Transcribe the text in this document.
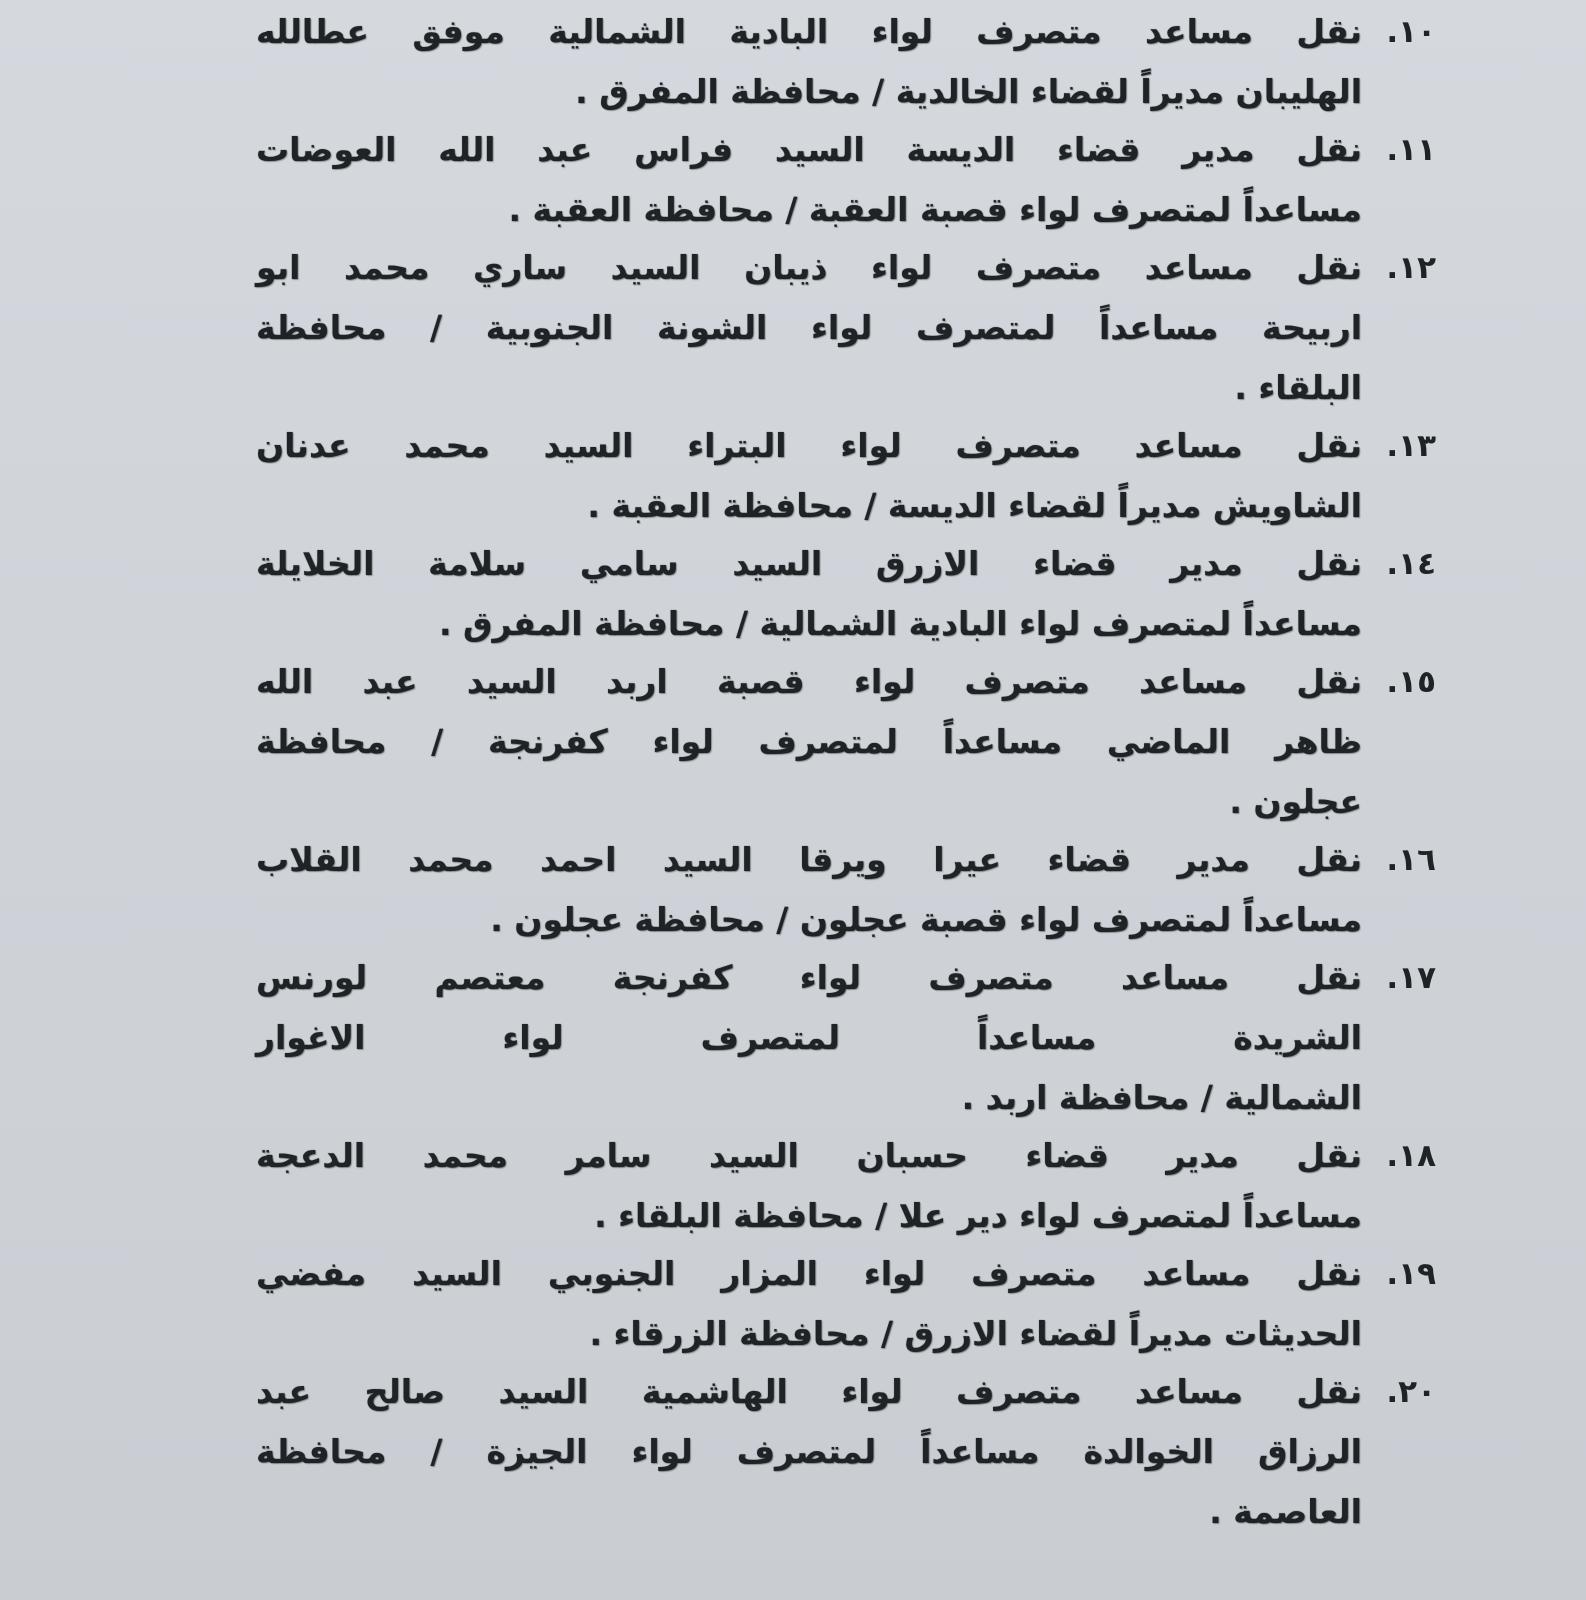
١٠.
نقل مساعد متصرف لواء البادية الشمالية موفق عطالله
الهليبان مديراً لقضاء الخالدية / محافظة المفرق .
١١.
نقل مدير قضاء الديسة السيد فراس عبد الله العوضات
مساعداً لمتصرف لواء قصبة العقبة / محافظة العقبة .
١٢.
نقل مساعد متصرف لواء ذيبان السيد ساري محمد ابو
اربيحة مساعداً لمتصرف لواء الشونة الجنوبية / محافظة
البلقاء .
١٣.
نقل مساعد متصرف لواء البتراء السيد محمد عدنان
الشاويش مديراً لقضاء الديسة / محافظة العقبة .
١٤.
نقل مدير قضاء الازرق السيد سامي سلامة الخلايلة
مساعداً لمتصرف لواء البادية الشمالية / محافظة المفرق .
١٥.
نقل مساعد متصرف لواء قصبة اربد السيد عبد الله
ظاهر الماضي مساعداً لمتصرف لواء كفرنجة / محافظة
عجلون .
١٦.
نقل مدير قضاء عيرا ويرقا السيد احمد محمد القلاب
مساعداً لمتصرف لواء قصبة عجلون / محافظة عجلون .
١٧.
نقل مساعد متصرف لواء كفرنجة معتصم لورنس
الشريدة مساعداً لمتصرف لواء الاغوار
الشمالية / محافظة اربد .
١٨.
نقل مدير قضاء حسبان السيد سامر محمد الدعجة
مساعداً لمتصرف لواء دير علا / محافظة البلقاء .
١٩.
نقل مساعد متصرف لواء المزار الجنوبي السيد مفضي
الحديثات مديراً لقضاء الازرق / محافظة الزرقاء .
٢٠.
نقل مساعد متصرف لواء الهاشمية السيد صالح عبد
الرزاق الخوالدة مساعداً لمتصرف لواء الجيزة / محافظة
العاصمة .
